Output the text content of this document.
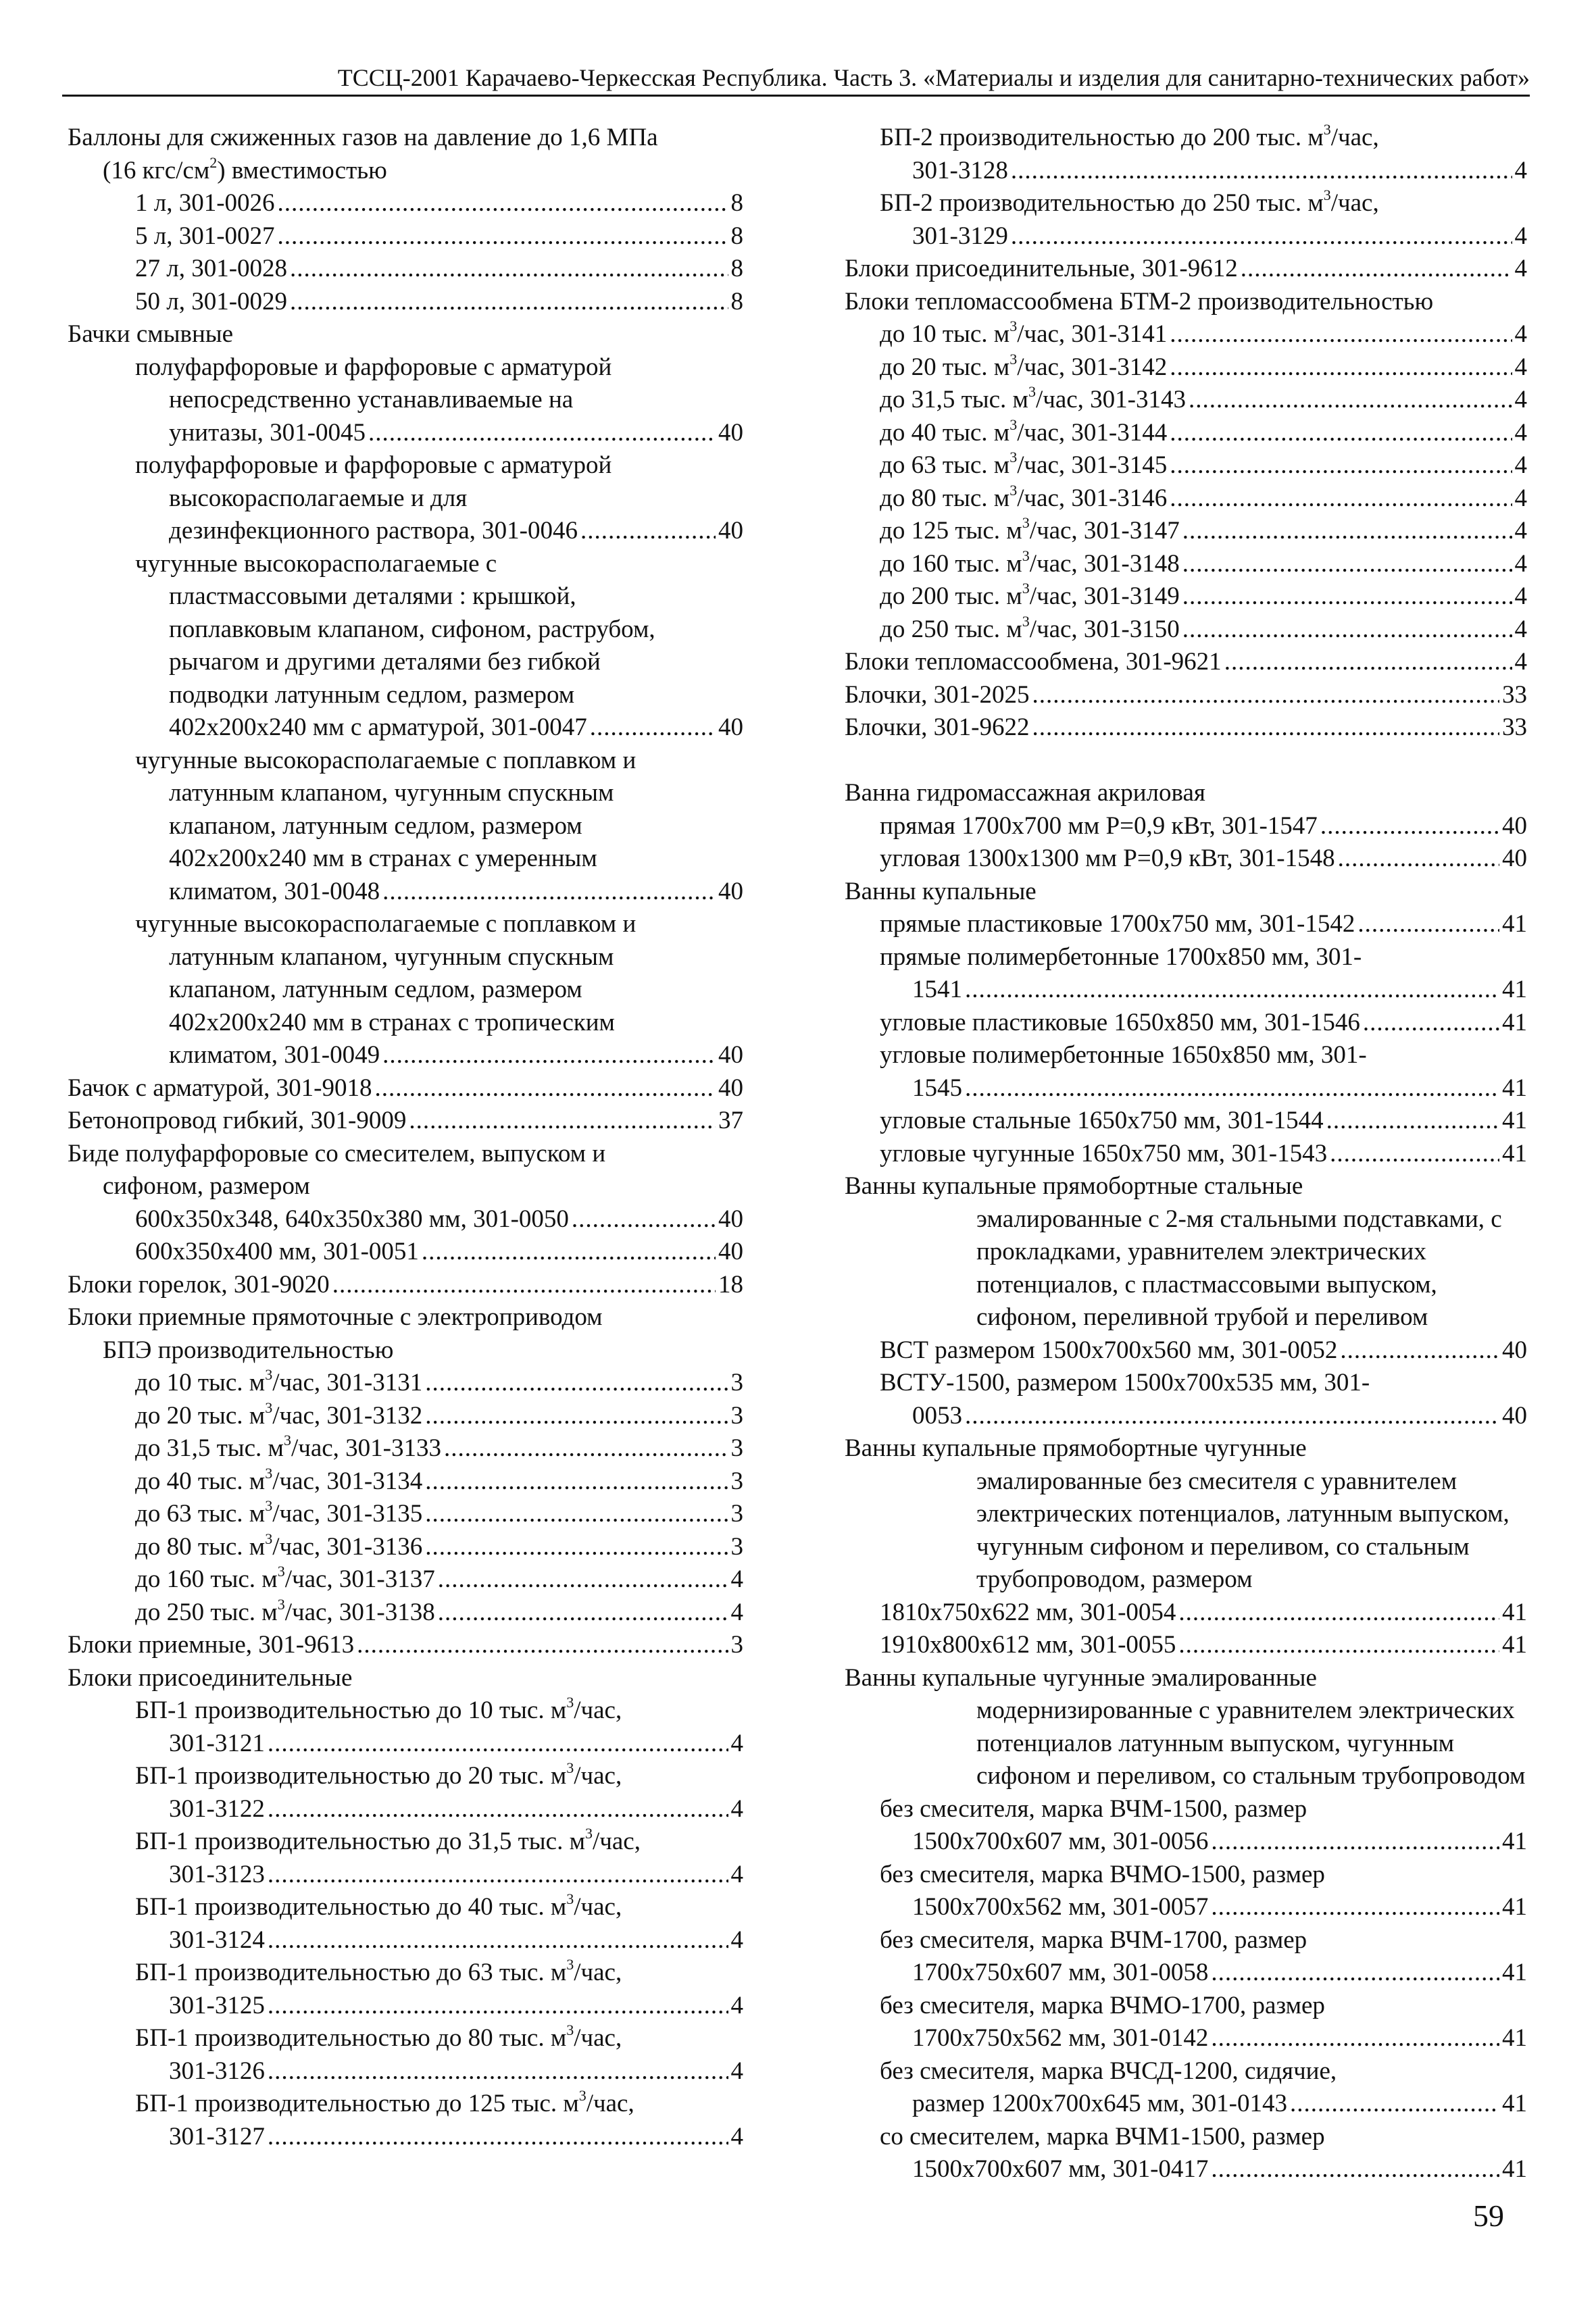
ТССЦ-2001 Карачаево-Черкесская Республика. Часть 3. «Материалы и изделия для санитарно-технических работ»
Баллоны для сжиженных газов на давление до 1,6 МПа
(16 кгс/$см^2$) вместимостью
1 л, 301-0026 .....	8
5 л, 301-0027 .....	8
27 л, 301-0028 .....	8
50 л, 301-0029 .....	8
Бачки смывные
полуфарфоровые и фарфоровые с арматурой
непосредственно устанавливаемые на
унитазы, 301-0045 .....	40
полуфарфоровые и фарфоровые с арматурой
высокорасполагаемые и для
дезинфекционного раствора, 301-0046 .....	40
чугунные высокорасполагаемые с
пластмассовыми деталями : крышкой,
поплавковым клапаном, сифоном, раструбом,
рычагом и другими деталями без гибкой
подводки латунным седлом, размером
402х200х240 мм с арматурой, 301-0047 .....	40
чугунные высокорасполагаемые с поплавком и
латунным клапаном, чугунным спускным
клапаном, латунным седлом, размером
402х200х240 мм в странах с умеренным
климатом, 301-0048 .....	40
чугунные высокорасполагаемые с поплавком и
латунным клапаном, чугунным спускным
клапаном, латунным седлом, размером
402х200х240 мм в странах с тропическим
климатом, 301-0049 .....	40
Бачок с арматурой, 301-9018 .....	40
Бетонопровод гибкий, 301-9009 .....	37
Биде полуфарфоровые со смесителем, выпуском и
сифоном, размером
600х350х348, 640х350х380 мм, 301-0050 .....	40
600х350х400 мм, 301-0051 .....	40
Блоки горелок, 301-9020 .....	18
Блоки приемные прямоточные с электроприводом
БПЭ производительностью
до 10 тыс. $м^3$/час, 301-3131 .....	3
до 20 тыс. $м^3$/час, 301-3132 .....	3
до 31,5 тыс. $м^3$/час, 301-3133 .....	3
до 40 тыс. $м^3$/час, 301-3134 .....	3
до 63 тыс. $м^3$/час, 301-3135 .....	3
до 80 тыс. $м^3$/час, 301-3136 .....	3
до 160 тыс. $м^3$/час, 301-3137 .....	4
до 250 тыс. $м^3$/час, 301-3138 .....	4
Блоки приемные, 301-9613 .....	3
Блоки присоединительные
БП-1 производительностью до 10 тыс. $м^3$/час,
301-3121 .....	4
БП-1 производительностью до 20 тыс. $м^3$/час,
301-3122 .....	4
БП-1 производительностью до 31,5 тыс. $м^3$/час,
301-3123 .....	4
БП-1 производительностью до 40 тыс. $м^3$/час,
301-3124 .....	4
БП-1 производительностью до 63 тыс. $м^3$/час,
301-3125 .....	4
БП-1 производительностью до 80 тыс. $м^3$/час,
301-3126 .....	4
БП-1 производительностью до 125 тыс. $м^3$/час,
301-3127 .....	4
БП-2 производительностью до 200 тыс. $м^3$/час,
301-3128 .....	4
БП-2 производительностью до 250 тыс. $м^3$/час,
301-3129 .....	4
Блоки присоединительные, 301-9612 .....	4
Блоки тепломассообмена БТМ-2 производительностью
до 10 тыс. $м^3$/час, 301-3141 .....	4
до 20 тыс. $м^3$/час, 301-3142 .....	4
до 31,5 тыс. $м^3$/час, 301-3143 .....	4
до 40 тыс. $м^3$/час, 301-3144 .....	4
до 63 тыс. $м^3$/час, 301-3145 .....	4
до 80 тыс. $м^3$/час, 301-3146 .....	4
до 125 тыс. $м^3$/час, 301-3147 .....	4
до 160 тыс. $м^3$/час, 301-3148 .....	4
до 200 тыс. $м^3$/час, 301-3149 .....	4
до 250 тыс. $м^3$/час, 301-3150 .....	4
Блоки тепломассообмена, 301-9621 .....	4
Блочки, 301-2025 .....	33
Блочки, 301-9622 .....	33
Ванна гидромассажная акриловая
прямая 1700х700 мм Р=0,9 кВт, 301-1547 .....	40
угловая 1300х1300 мм Р=0,9 кВт, 301-1548 .....	40
Ванны купальные
прямые пластиковые 1700х750 мм, 301-1542 .....	41
прямые полимербетонные 1700х850 мм, 301-
1541 .....	41
угловые пластиковые 1650х850 мм, 301-1546 .....	41
угловые полимербетонные 1650х850 мм, 301-
1545 .....	41
угловые стальные 1650х750 мм, 301-1544 .....	41
угловые чугунные 1650х750 мм, 301-1543 .....	41
Ванны купальные прямобортные стальные
эмалированные с 2-мя стальными подставками, с
прокладками, уравнителем электрических
потенциалов, с пластмассовыми выпуском,
сифоном, переливной трубой и переливом
ВСТ размером 1500х700х560 мм, 301-0052 .....	40
ВСТУ-1500, размером 1500х700х535 мм, 301-
0053 .....	40
Ванны купальные прямобортные чугунные
эмалированные без смесителя с уравнителем
электрических потенциалов, латунным выпуском,
чугунным сифоном и переливом, со стальным
трубопроводом, размером
1810х750х622 мм, 301-0054 .....	41
1910х800х612 мм, 301-0055 .....	41
Ванны купальные чугунные эмалированные
модернизированные с уравнителем электрических
потенциалов латунным выпуском, чугунным
сифоном и переливом, со стальным трубопроводом
без смесителя, марка ВЧМ-1500, размер
1500х700х607 мм, 301-0056 .....	41
без смесителя, марка ВЧМО-1500, размер
1500х700х562 мм, 301-0057 .....	41
без смесителя, марка ВЧМ-1700, размер
1700х750х607 мм, 301-0058 .....	41
без смесителя, марка ВЧМО-1700, размер
1700х750х562 мм, 301-0142 .....	41
без смесителя, марка ВЧСД-1200, сидячие,
размер 1200х700х645 мм, 301-0143 .....	41
со смесителем, марка ВЧМ1-1500, размер
1500х700х607 мм, 301-0417 .....	41
59
